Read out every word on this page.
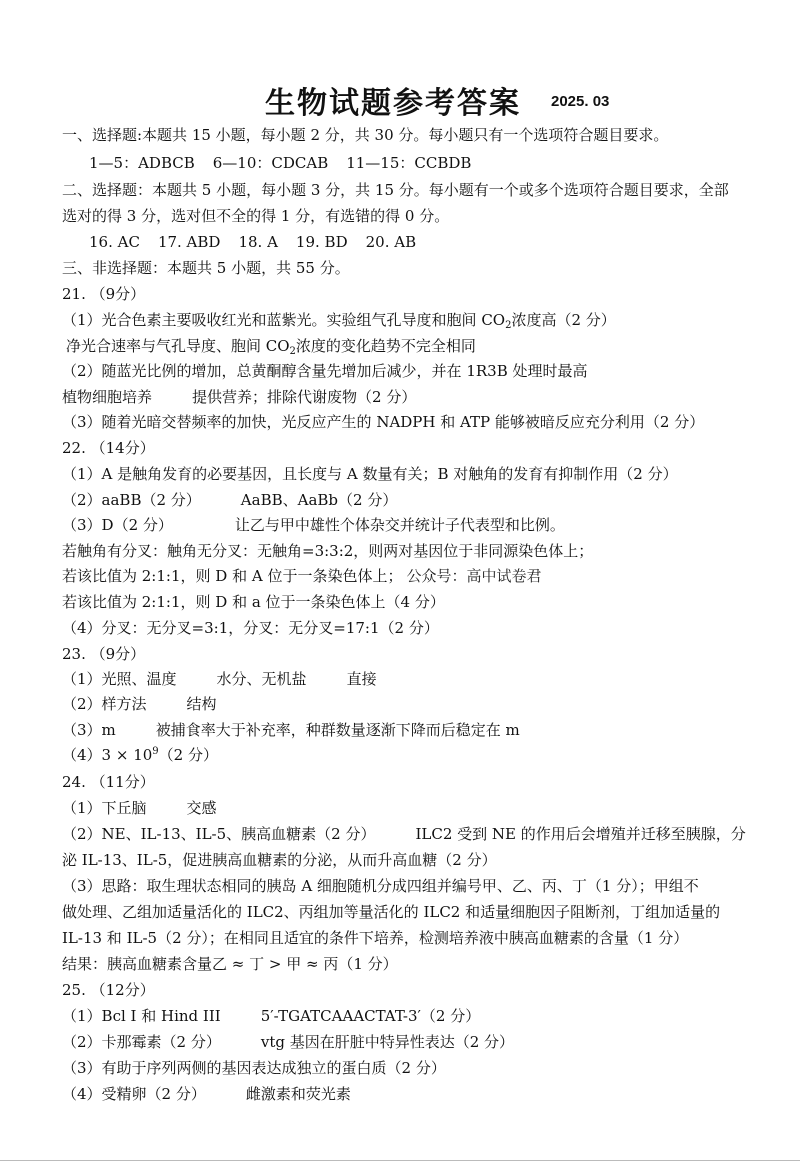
生物试题参考答案 2025. 03
一、选择题:本题共 15 小题，每小题 2 分，共 30 分。每小题只有一个选项符合题目要求。
1—5：ADBCB 6—10：CDCAB 11—15：CCBDB
二、选择题：本题共 5 小题，每小题 3 分，共 15 分。每小题有一个或多个选项符合题目要求，全部
选对的得 3 分，选对但不全的得 1 分，有选错的得 0 分。
16. AC 17. ABD 18. A 19. BD 20. AB
三、非选择题：本题共 5 小题，共 55 分。
21. （9分）
（1）光合色素主要吸收红光和蓝紫光。实验组气孔导度和胞间 $CO_2$浓度高（2 分）
净光合速率与气孔导度、胞间 $CO_2$浓度的变化趋势不完全相同
（2）随蓝光比例的增加，总黄酮醇含量先增加后减少，并在 1R3B 处理时最高
植物细胞培养	提供营养；排除代谢废物（2 分）
（3）随着光暗交替频率的加快，光反应产生的 NADPH 和 ATP 能够被暗反应充分利用（2 分）
22. （14分）
（1）A 是触角发育的必要基因，且长度与 A 数量有关；B 对触角的发育有抑制作用（2 分）
（2）aaBB（2 分）	AaBB、AaBb（2 分）
（3）D（2 分）	让乙与甲中雄性个体杂交并统计子代表型和比例。
若触角有分叉：触角无分叉：无触角=3:3:2，则两对基因位于非同源染色体上；
若该比值为 2:1:1，则 D 和 A 位于一条染色体上； 公众号：高中试卷君
若该比值为 2:1:1，则 D 和 a 位于一条染色体上（4 分）
（4）分叉：无分叉=3:1，分叉：无分叉=17:1（2 分）
23. （9分）
（1）光照、温度	水分、无机盐	直接
（2）样方法	结构
（3）m	被捕食率大于补充率，种群数量逐渐下降而后稳定在 m
$(4)3 \times 10^9(2$ 分）
24. （11分）
（1）下丘脑	交感
（2）NE、IL-13、IL-5、胰高血糖素（2 分）	ILC2 受到 NE 的作用后会增殖并迁移至胰腺，分
泌 IL-13、IL-5，促进胰高血糖素的分泌，从而升高血糖（2 分）
（3）思路：取生理状态相同的胰岛 A 细胞随机分成四组并编号甲、乙、丙、丁（1 分）；甲组不
做处理、乙组加适量活化的 ILC2、丙组加等量活化的 ILC2 和适量细胞因子阻断剂，丁组加适量的
IL-13 和 IL-5（2 分）；在相同且适宜的条件下培养，检测培养液中胰高血糖素的含量（1 分）
结果：胰高血糖素含量乙 ≈ 丁 > 甲 ≈ 丙（1 分）
25. （12分）
（1）Bcl I 和 Hind III	5′-TGATCAAACTAT-3′（2 分）
（2）卡那霉素（2 分）	vtg 基因在肝脏中特异性表达（2 分）
（3）有助于序列两侧的基因表达成独立的蛋白质（2 分）
（4）受精卵（2 分）	雌激素和荧光素
